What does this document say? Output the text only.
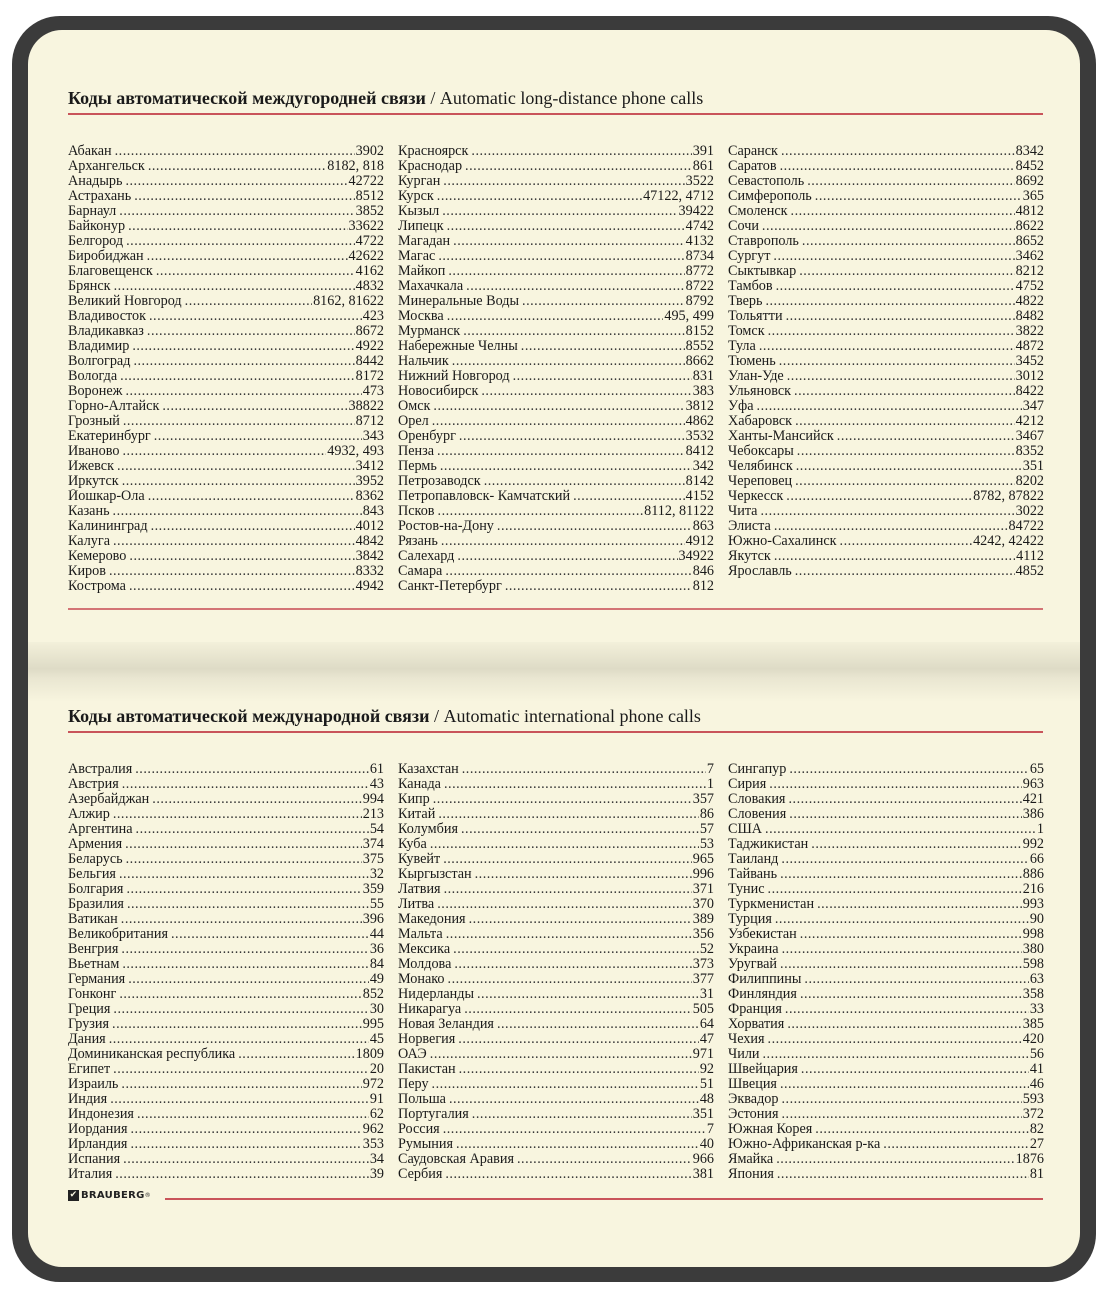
Коды автоматической междугородней связи / Automatic long-distance phone calls
Абакан .....	3902
Архангельск .....	8182, 818
Анадырь .....	42722
Астрахань .....	8512
Барнаул .....	3852
Байконур .....	33622
Белгород .....	4722
Биробиджан .....	42622
Благовещенск .....	4162
Брянск .....	4832
Великий Новгород .....	8162, 81622
Владивосток .....	423
Владикавказ .....	8672
Владимир .....	4922
Волгоград .....	8442
Вологда .....	8172
Воронеж .....	473
Горно-Алтайск .....	38822
Грозный .....	8712
Екатеринбург .....	343
Иваново .....	4932, 493
Ижевск .....	3412
Иркутск .....	3952
Йошкар-Ола .....	8362
Казань .....	843
Калининград .....	4012
Калуга .....	4842
Кемерово .....	3842
Киров .....	8332
Кострома .....	4942
Красноярск .....	391
Краснодар .....	861
Курган .....	3522
Курск .....	47122, 4712
Кызыл .....	39422
Липецк .....	4742
Магадан .....	4132
Магас .....	8734
Майкоп .....	8772
Махачкала .....	8722
Минеральные Воды .....	8792
Москва .....	495, 499
Мурманск .....	8152
Набережные Челны .....	8552
Нальчик .....	8662
Нижний Новгород .....	831
Новосибирск .....	383
Омск .....	3812
Орел .....	4862
Оренбург .....	3532
Пенза .....	8412
Пермь .....	342
Петрозаводск .....	8142
Петропавловск- Камчатский .....	4152
Псков .....	8112, 81122
Ростов-на-Дону .....	863
Рязань .....	4912
Салехард .....	34922
Самара .....	846
Санкт-Петербург .....	812
Саранск .....	8342
Саратов .....	8452
Севастополь .....	8692
Симферополь .....	365
Смоленск .....	4812
Сочи .....	8622
Ставрополь .....	8652
Сургут .....	3462
Сыктывкар .....	8212
Тамбов .....	4752
Тверь .....	4822
Тольятти .....	8482
Томск .....	3822
Тула .....	4872
Тюмень .....	3452
Улан-Уде .....	3012
Ульяновск .....	8422
Уфа .....	347
Хабаровск .....	4212
Ханты-Мансийск .....	3467
Чебоксары .....	8352
Челябинск .....	351
Череповец .....	8202
Черкесск .....	8782, 87822
Чита .....	3022
Элиста .....	84722
Южно-Сахалинск .....	4242, 42422
Якутск .....	4112
Ярославль .....	4852
Коды автоматической международной связи / Automatic international phone calls
Австралия .....	61
Австрия .....	43
Азербайджан .....	994
Алжир .....	213
Аргентина .....	54
Армения .....	374
Беларусь .....	375
Бельгия .....	32
Болгария .....	359
Бразилия .....	55
Ватикан .....	396
Великобритания .....	44
Венгрия .....	36
Вьетнам .....	84
Германия .....	49
Гонконг .....	852
Греция .....	30
Грузия .....	995
Дания .....	45
Доминиканская республика .....	1809
Египет .....	20
Израиль .....	972
Индия .....	91
Индонезия .....	62
Иордания .....	962
Ирландия .....	353
Испания .....	34
Италия .....	39
Казахстан .....	7
Канада .....	1
Кипр .....	357
Китай .....	86
Колумбия .....	57
Куба .....	53
Кувейт .....	965
Кыргызстан .....	996
Латвия .....	371
Литва .....	370
Македония .....	389
Мальта .....	356
Мексика .....	52
Молдова .....	373
Монако .....	377
Нидерланды .....	31
Никарагуа .....	505
Новая Зеландия .....	64
Норвегия .....	47
ОАЭ .....	971
Пакистан .....	92
Перу .....	51
Польша .....	48
Португалия .....	351
Россия .....	7
Румыния .....	40
Саудовская Аравия .....	966
Сербия .....	381
Сингапур .....	65
Сирия .....	963
Словакия .....	421
Словения .....	386
США .....	1
Таджикистан .....	992
Таиланд .....	66
Тайвань .....	886
Тунис .....	216
Туркменистан .....	993
Турция .....	90
Узбекистан .....	998
Украина .....	380
Уругвай .....	598
Филиппины .....	63
Финляндия .....	358
Франция .....	33
Хорватия .....	385
Чехия .....	420
Чили .....	56
Швейцария .....	41
Швеция .....	46
Эквадор .....	593
Эстония .....	372
Южная Корея .....	82
Южно-Африканская р-ка .....	27
Ямайка .....	1876
Япония .....	81
✔ BRAUBERG ®
